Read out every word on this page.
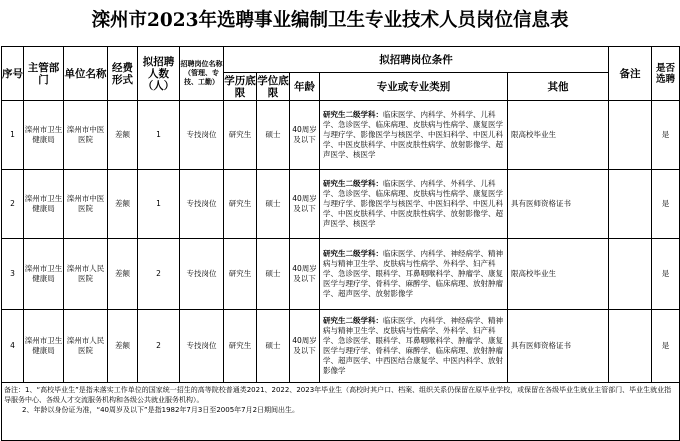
滦州市2023年选聘事业编制卫生专业技术人员岗位信息表
序号	主管部门	单位名称	经费形式	拟招聘人数（人）	招聘岗位名称（管理、专技、工勤）	拟招聘岗位条件					备注	是否选聘
						学历底限	学位底限	年龄	专业或专业类别	其他		

1	滦州市卫生健康局	滦州市中医医院	差额	1	专技岗位	研究生	硕士	40周岁及以下	研究生二级学科：临床医学、内科学、外科学、儿科学、急诊医学、临床病理、皮肤病与性病学、康复医学与理疗学、影像医学与核医学、中医妇科学、中医儿科学、中医皮肤科学、中医皮肤性病学、放射影像学、超声医学、核医学	限高校毕业生		是
2	滦州市卫生健康局	滦州市中医医院	差额	1	专技岗位	研究生	硕士	40周岁及以下	研究生二级学科：临床医学、内科学、外科学、儿科学、急诊医学、临床病理、皮肤病与性病学、康复医学与理疗学、影像医学与核医学、中医妇科学、中医儿科学、中医皮肤科学、中医皮肤性病学、放射影像学、超声医学、核医学	具有医师资格证书		是
3	滦州市卫生健康局	滦州市人民医院	差额	2	专技岗位	研究生	硕士	40周岁及以下	研究生二级学科：临床医学、内科学、神经病学、精神病与精神卫生学、皮肤病与性病学、外科学、妇产科学、急诊医学、眼科学、耳鼻咽喉科学、肿瘤学、康复医学与理疗学、骨科学、麻醉学、临床病理、放射肿瘤学、超声医学、放射影像学	限高校毕业生		是
4	滦州市卫生健康局	滦州市人民医院	差额	2	专技岗位	研究生	硕士	40周岁及以下	研究生二级学科：临床医学、内科学、神经病学、精神病与精神卫生学、皮肤病与性病学、外科学、妇产科学、急诊医学、眼科学、耳鼻咽喉科学、肿瘤学、康复医学与理疗学、骨科学、麻醉学、临床病理、放射肿瘤学、超声医学、中西医结合康复学、中医内科学、放射影像学	具有医师资格证书		是

备注：1、“高校毕业生”是指未落实工作单位的国家统一招生的高等院校普通类2021、2022、2023年毕业生（高校时其户口、档案、组织关系仍保留在原毕业学校，或保留在各级毕业生就业主管部门、毕业生就业指导服务中心、各级人才交流服务机构和各级公共就业服务机构）。
2、年龄以身份证为准，“40周岁及以下”是指1982年7月3日至2005年7月2日期间出生。												
